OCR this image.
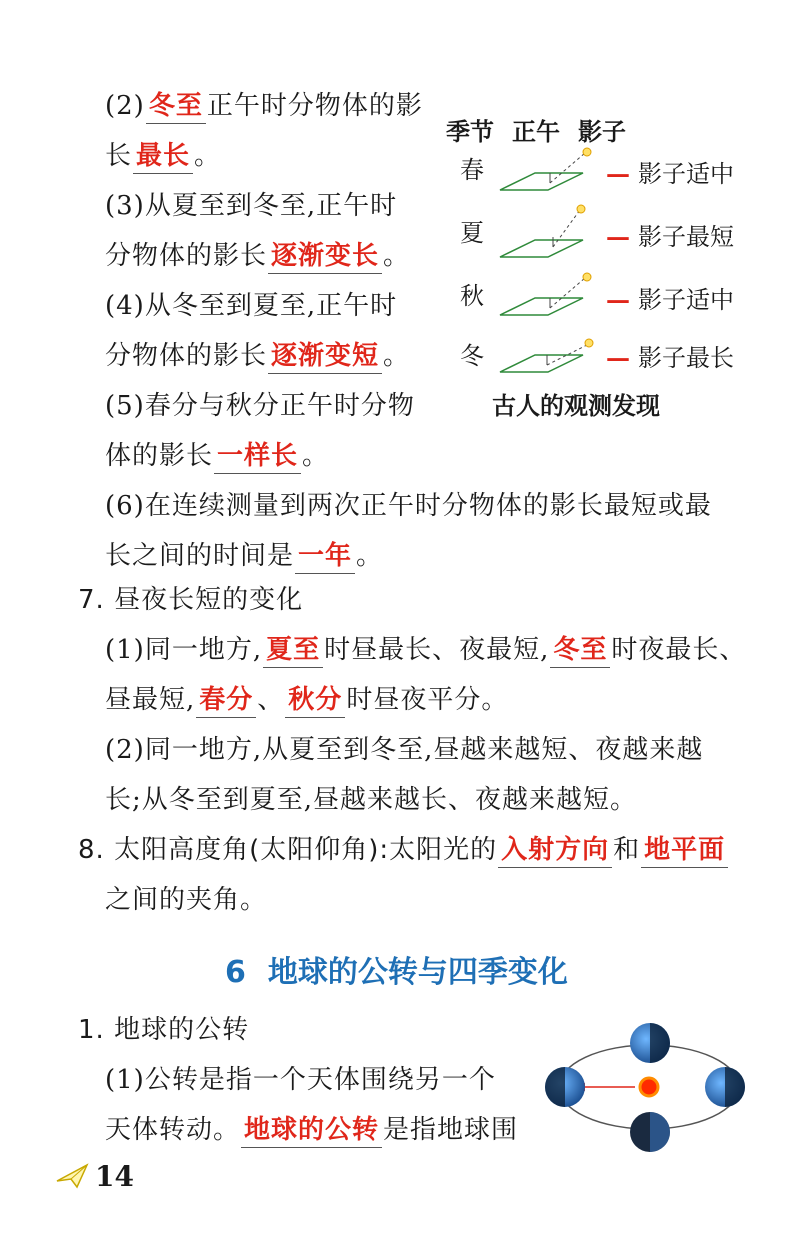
(2) 冬至 正午时分物体的影
长 最长 。
(3)从夏至到冬至,正午时
分物体的影长 逐渐变长 。
(4)从冬至到夏至,正午时
分物体的影长 逐渐变短 。
(5)春分与秋分正午时分物
体的影长 一样长 。
(6)在连续测量到两次正午时分物体的影长最短或最
长之间的时间是 一年 。
季节 正午 影子
春
夏
秋
冬
— 影子适中
— 影子最短
— 影子适中
— 影子最长
古人的观测发现
7. 昼夜长短的变化
(1)同一地方, 夏至 时昼最长、夜最短, 冬至 时夜最长、
昼最短, 春分 、 秋分 时昼夜平分。
(2)同一地方,从夏至到冬至,昼越来越短、夜越来越
长;从冬至到夏至,昼越来越长、夜越来越短。
8. 太阳高度角(太阳仰角):太阳光的 入射方向 和 地平面
之间的夹角。
6 地球的公转与四季变化
1. 地球的公转
(1)公转是指一个天体围绕另一个
天体转动。 地球的公转 是指地球围
14
